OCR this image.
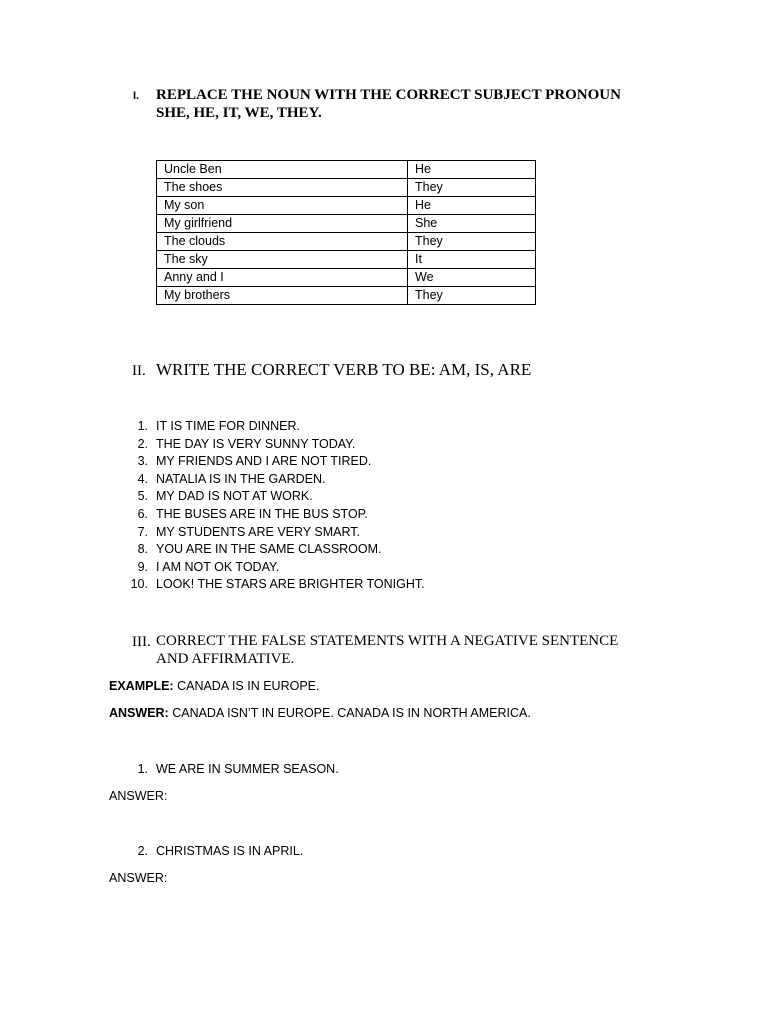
I. REPLACE THE NOUN WITH THE CORRECT SUBJECT PRONOUN
SHE, HE, IT, WE, THEY.
Uncle Ben	He
The shoes	They
My son	He
My girlfriend	She
The clouds	They
The sky	It
Anny and I	We
My brothers	They
II. WRITE THE CORRECT VERB TO BE: AM, IS, ARE
1. IT IS TIME FOR DINNER.
2. THE DAY IS VERY SUNNY TODAY.
3. MY FRIENDS AND I ARE NOT TIRED.
4. NATALIA IS IN THE GARDEN.
5. MY DAD IS NOT AT WORK.
6. THE BUSES ARE IN THE BUS STOP.
7. MY STUDENTS ARE VERY SMART.
8. YOU ARE IN THE SAME CLASSROOM.
9. I AM NOT OK TODAY.
10. LOOK! THE STARS ARE BRIGHTER TONIGHT.
III. CORRECT THE FALSE STATEMENTS WITH A NEGATIVE SENTENCE
AND AFFIRMATIVE.
EXAMPLE: CANADA IS IN EUROPE.
ANSWER: CANADA ISN’T IN EUROPE. CANADA IS IN NORTH AMERICA.
1. WE ARE IN SUMMER SEASON.
ANSWER:
2. CHRISTMAS IS IN APRIL.
ANSWER:
